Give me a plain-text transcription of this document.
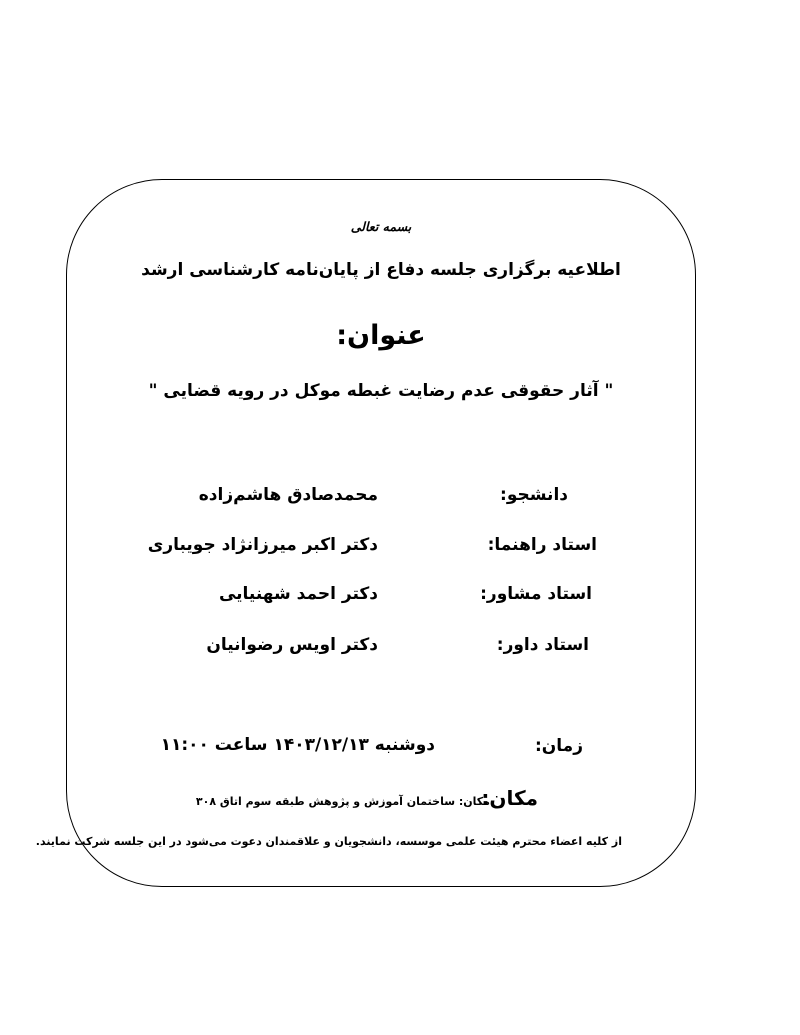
بسمه تعالی
اطلاعیه برگزاری جلسه دفاع از پایان‌نامه کارشناسی ارشد
عنوان:
" آثار حقوقی عدم رضایت غبطه موکل در رویه قضایی "
دانشجو:
محمدصادق هاشم‌زاده
استاد راهنما:
دکتر اکبر میرزانژاد جویباری
استاد مشاور:
دکتر احمد شهنیایی
استاد داور:
دکتر اویس رضوانیان
زمان:
دوشنبه ۱۴۰۳/۱۲/۱۳ ساعت ۱۱:۰۰
مکان:
مکان: ساختمان آموزش و پژوهش طبقه سوم اتاق ۳۰۸
از کلیه اعضاء محترم هیئت علمی موسسه، دانشجویان و علاقمندان دعوت می‌شود در این جلسه شرکت نمایند.
